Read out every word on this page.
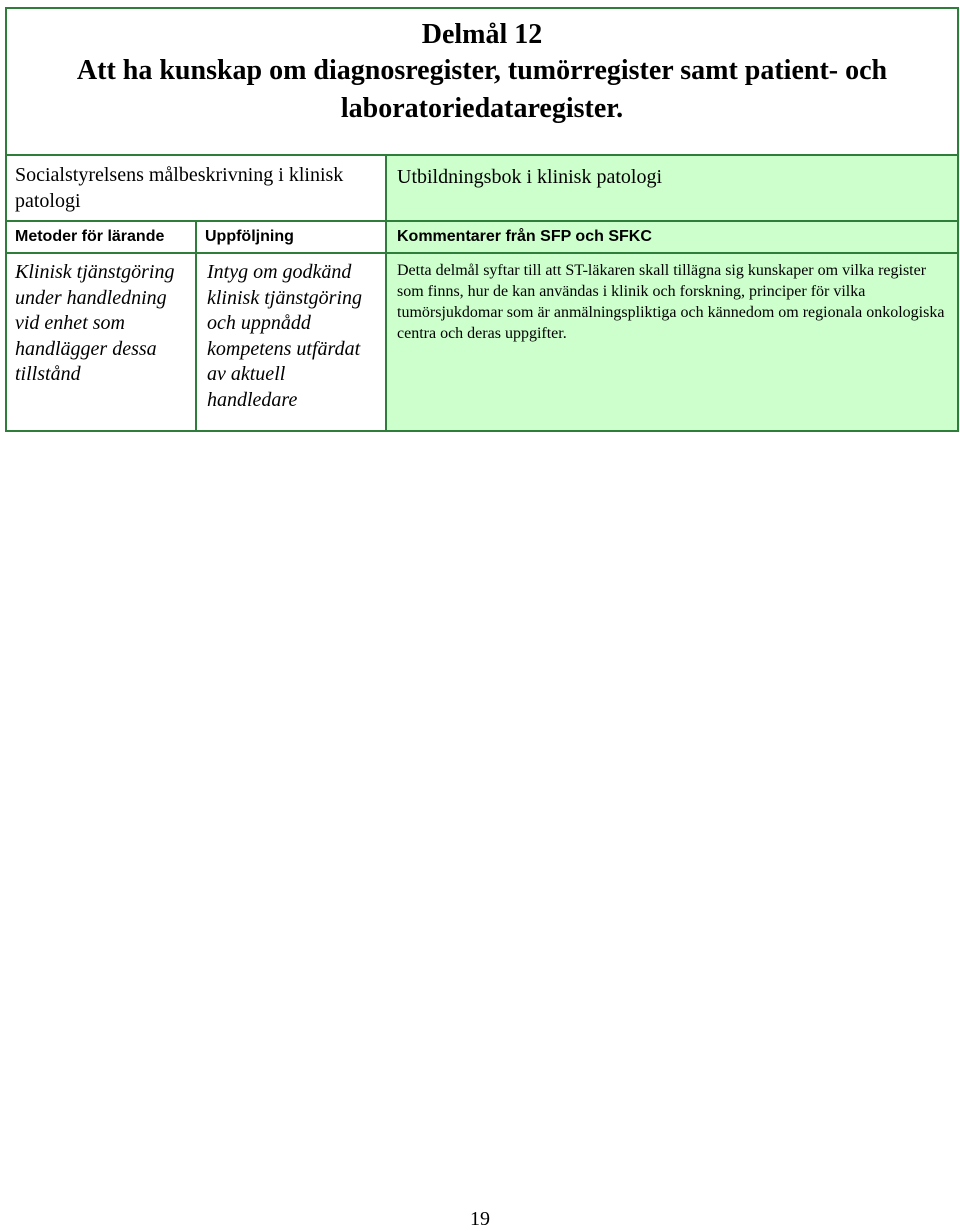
Delmål 12
Att ha kunskap om diagnosregister, tumörregister samt patient- och laboratoriedataregister.		

Socialstyrelsens målbeskrivning i klinisk patologi		Utbildningsbok i klinisk patologi
Metoder för lärande	Uppföljning	Kommentarer från SFP och SFKC
Klinisk tjänstgöring under handledning vid enhet som handlägger dessa tillstånd	Intyg om godkänd klinisk tjänstgöring och uppnådd kompetens utfärdat av aktuell handledare	Detta delmål syftar till att ST-läkaren skall tillägna sig kunskaper om vilka register som finns, hur de kan användas i klinik och forskning, principer för vilka tumörsjukdomar som är anmälningspliktiga och kännedom om regionala onkologiska centra och deras uppgifter.
19
